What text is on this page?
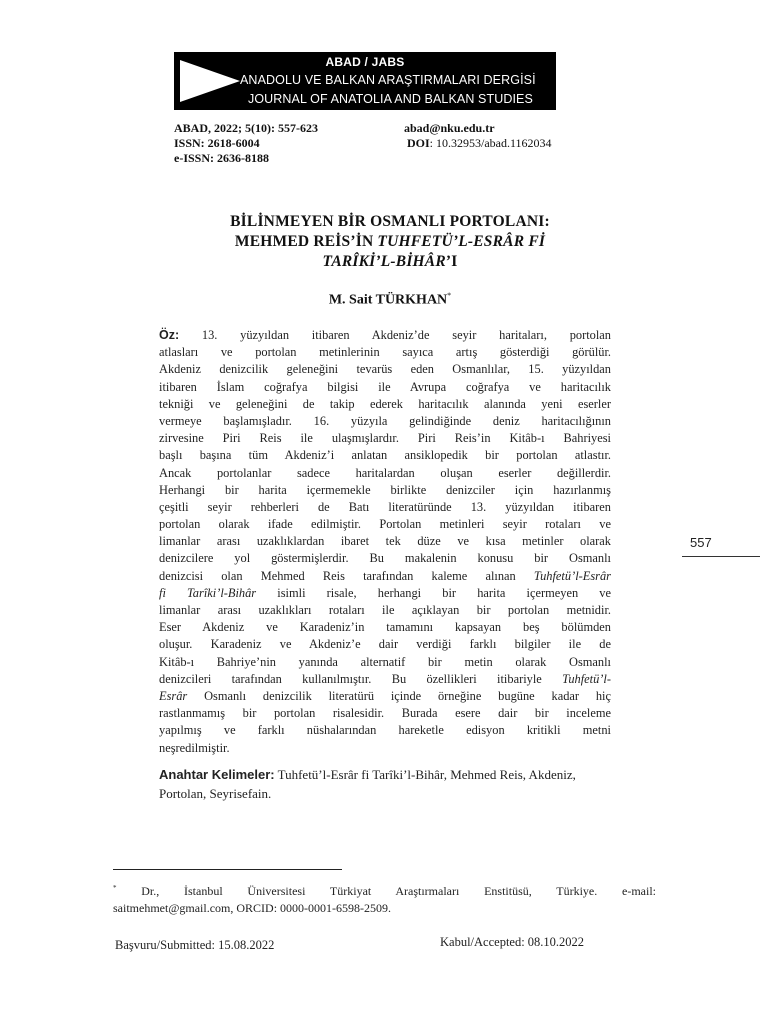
ABAD / JABS
ANADOLU VE BALKAN ARAŞTIRMALARI DERGİSİ
JOURNAL OF ANATOLIA AND BALKAN STUDIES
ABAD, 2022; 5(10): 557-623
ISSN: 2618-6004
e-ISSN: 2636-8188
abad@nku.edu.tr
DOI: 10.32953/abad.1162034
BİLİNMEYEN BİR OSMANLI PORTOLANI:
MEHMED REİS’İN TUHFETÜ’L-ESRÂR Fİ
TARÎKİ’L-BİHÂR’I
M. Sait TÜRKHAN*
Öz: 13. yüzyıldan itibaren Akdeniz’de seyir haritaları, portolan
atlasları ve portolan metinlerinin sayıca artış gösterdiği görülür.
Akdeniz denizcilik geleneğini tevarüs eden Osmanlılar, 15. yüzyıldan
itibaren İslam coğrafya bilgisi ile Avrupa coğrafya ve haritacılık
tekniği ve geleneğini de takip ederek haritacılık alanında yeni eserler
vermeye başlamışladır. 16. yüzyıla gelindiğinde deniz haritacılığının
zirvesine Piri Reis ile ulaşmışlardır. Piri Reis’in Kitâb-ı Bahriyesi
başlı başına tüm Akdeniz’i anlatan ansiklopedik bir portolan atlastır.
Ancak portolanlar sadece haritalardan oluşan eserler değillerdir.
Herhangi bir harita içermemekle birlikte denizciler için hazırlanmış
çeşitli seyir rehberleri de Batı literatüründe 13. yüzyıldan itibaren
portolan olarak ifade edilmiştir. Portolan metinleri seyir rotaları ve
limanlar arası uzaklıklardan ibaret tek düze ve kısa metinler olarak
denizcilere yol göstermişlerdir. Bu makalenin konusu bir Osmanlı
denizcisi olan Mehmed Reis tarafından kaleme alınan Tuhfetü’l-Esrâr
fi Tarîki’l-Bihâr isimli risale, herhangi bir harita içermeyen ve
limanlar arası uzaklıkları rotaları ile açıklayan bir portolan metnidir.
Eser Akdeniz ve Karadeniz’in tamamını kapsayan beş bölümden
oluşur. Karadeniz ve Akdeniz’e dair verdiği farklı bilgiler ile de
Kitâb-ı Bahriye’nin yanında alternatif bir metin olarak Osmanlı
denizcileri tarafından kullanılmıştır. Bu özellikleri itibariyle Tuhfetü’l-
Esrâr Osmanlı denizcilik literatürü içinde örneğine bugüne kadar hiç
rastlanmamış bir portolan risalesidir. Burada esere dair bir inceleme
yapılmış ve farklı nüshalarından hareketle edisyon kritikli metni
neşredilmiştir.
Anahtar Kelimeler: Tuhfetü’l-Esrâr fi Tarîki’l-Bihâr, Mehmed Reis, Akdeniz, Portolan, Seyrisefain.
557
* Dr., İstanbul Üniversitesi Türkiyat Araştırmaları Enstitüsü, Türkiye. e-mail:
saitmehmet@gmail.com, ORCID: 0000-0001-6598-2509.
Başvuru/Submitted: 15.08.2022	Kabul/Accepted: 08.10.2022
